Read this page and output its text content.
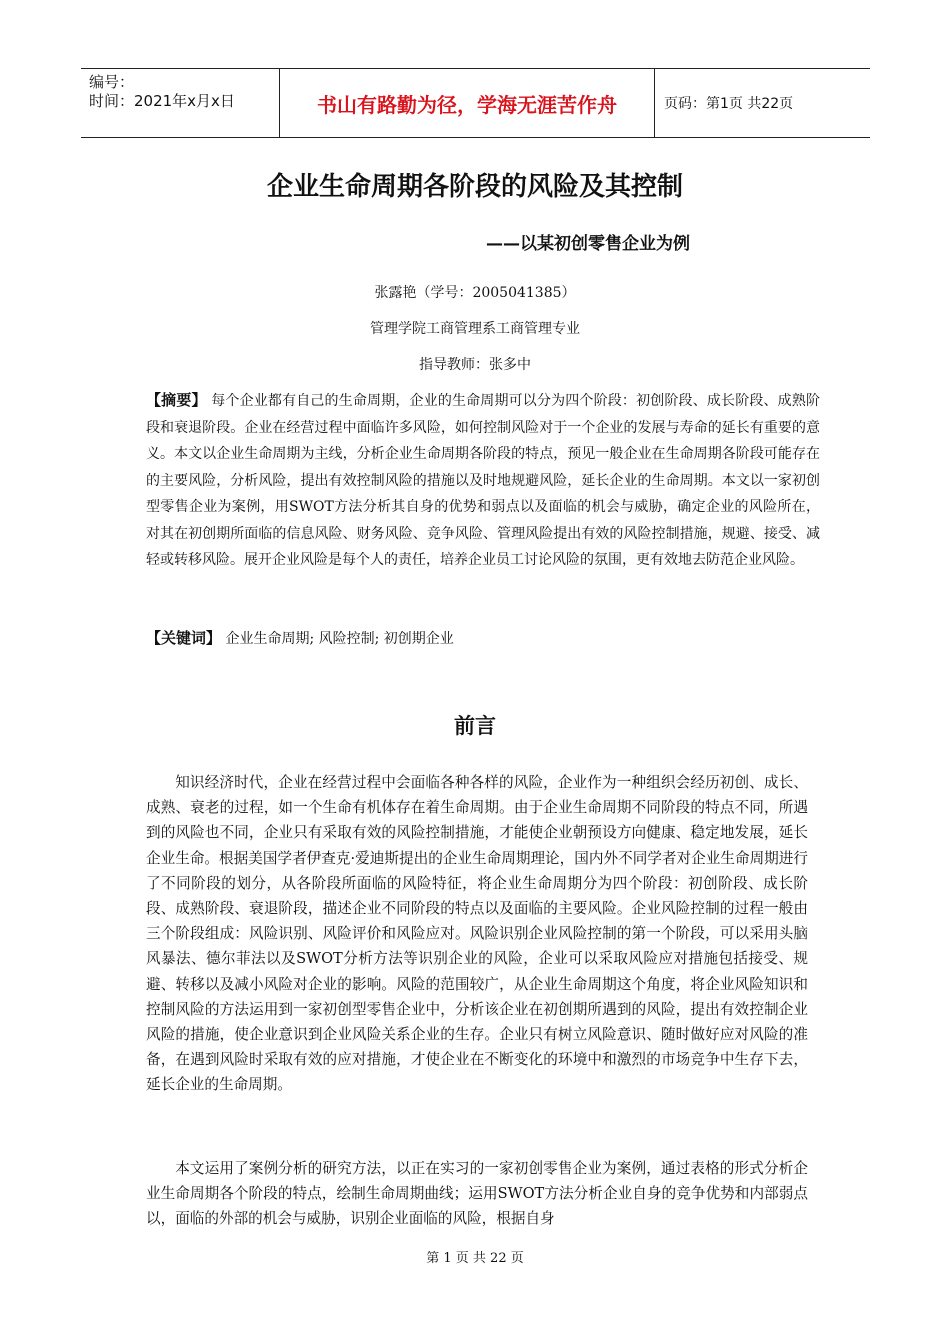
编号：
时间：2021年x月x日	书山有路勤为径，学海无涯苦作舟	页码：第1页 共22页
企业生命周期各阶段的风险及其控制
——以某初创零售企业为例
张露艳（学号：2005041385）
管理学院工商管理系工商管理专业
指导教师：张多中
【摘要】 每个企业都有自己的生命周期，企业的生命周期可以分为四个阶段：初创阶段、成长阶段、成熟阶段和衰退阶段。企业在经营过程中面临许多风险，如何控制风险对于一个企业的发展与寿命的延长有重要的意义。本文以企业生命周期为主线，分析企业生命周期各阶段的特点，预见一般企业在生命周期各阶段可能存在的主要风险，分析风险，提出有效控制风险的措施以及时地规避风险，延长企业的生命周期。本文以一家初创型零售企业为案例，用SWOT方法分析其自身的优势和弱点以及面临的机会与威胁，确定企业的风险所在，对其在初创期所面临的信息风险、财务风险、竞争风险、管理风险提出有效的风险控制措施，规避、接受、减轻或转移风险。展开企业风险是每个人的责任，培养企业员工讨论风险的氛围，更有效地去防范企业风险。
【关键词】 企业生命周期; 风险控制; 初创期企业
前言
知识经济时代，企业在经营过程中会面临各种各样的风险，企业作为一种组织会经历初创、成长、成熟、衰老的过程，如一个生命有机体存在着生命周期。由于企业生命周期不同阶段的特点不同，所遇到的风险也不同，企业只有采取有效的风险控制措施，才能使企业朝预设方向健康、稳定地发展，延长企业生命。根据美国学者伊查克·爱迪斯提出的企业生命周期理论，国内外不同学者对企业生命周期进行了不同阶段的划分，从各阶段所面临的风险特征，将企业生命周期分为四个阶段：初创阶段、成长阶段、成熟阶段、衰退阶段，描述企业不同阶段的特点以及面临的主要风险。企业风险控制的过程一般由三个阶段组成：风险识别、风险评价和风险应对。风险识别企业风险控制的第一个阶段，可以采用头脑风暴法、德尔菲法以及SWOT分析方法等识别企业的风险，企业可以采取风险应对措施包括接受、规避、转移以及减小风险对企业的影响。风险的范围较广，从企业生命周期这个角度，将企业风险知识和控制风险的方法运用到一家初创型零售企业中，分析该企业在初创期所遇到的风险，提出有效控制企业风险的措施，使企业意识到企业风险关系企业的生存。企业只有树立风险意识、随时做好应对风险的准备，在遇到风险时采取有效的应对措施，才使企业在不断变化的环境中和激烈的市场竞争中生存下去，延长企业的生命周期。
本文运用了案例分析的研究方法，以正在实习的一家初创零售企业为案例，通过表格的形式分析企业生命周期各个阶段的特点，绘制生命周期曲线；运用SWOT方法分析企业自身的竞争优势和内部弱点以，面临的外部的机会与威胁，识别企业面临的风险，根据自身
第 1 页 共 22 页
